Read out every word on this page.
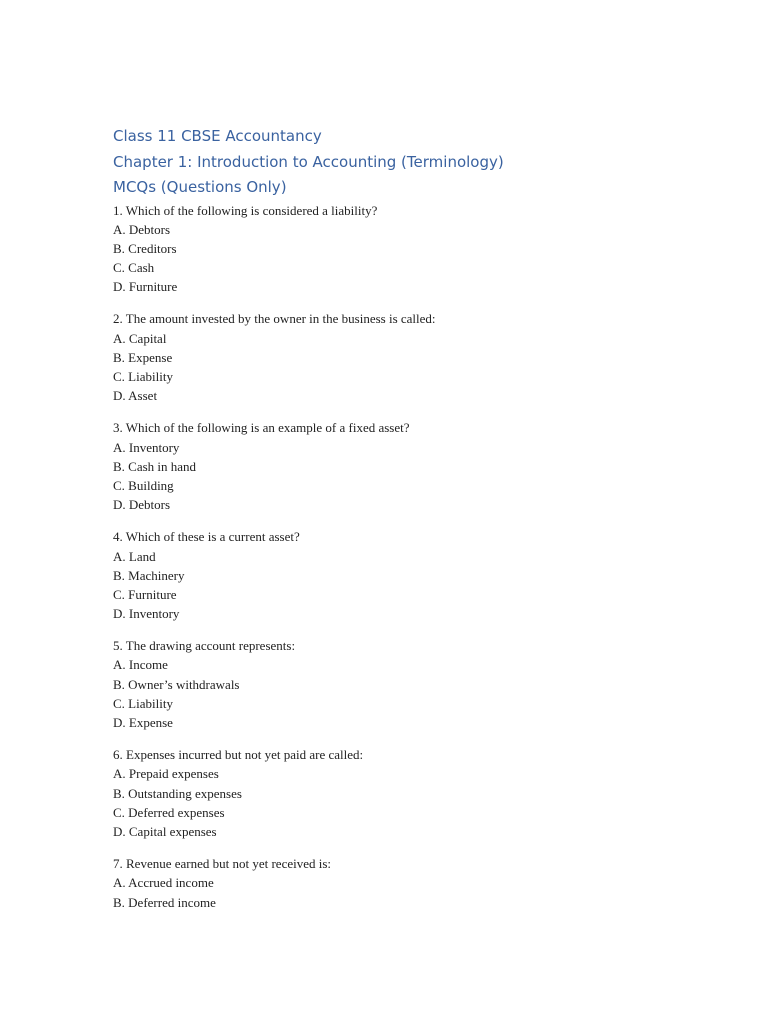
Class 11 CBSE Accountancy
Chapter 1: Introduction to Accounting (Terminology)
MCQs (Questions Only)
1. Which of the following is considered a liability?
A. Debtors
B. Creditors
C. Cash
D. Furniture
2. The amount invested by the owner in the business is called:
A. Capital
B. Expense
C. Liability
D. Asset
3. Which of the following is an example of a fixed asset?
A. Inventory
B. Cash in hand
C. Building
D. Debtors
4. Which of these is a current asset?
A. Land
B. Machinery
C. Furniture
D. Inventory
5. The drawing account represents:
A. Income
B. Owner’s withdrawals
C. Liability
D. Expense
6. Expenses incurred but not yet paid are called:
A. Prepaid expenses
B. Outstanding expenses
C. Deferred expenses
D. Capital expenses
7. Revenue earned but not yet received is:
A. Accrued income
B. Deferred income
